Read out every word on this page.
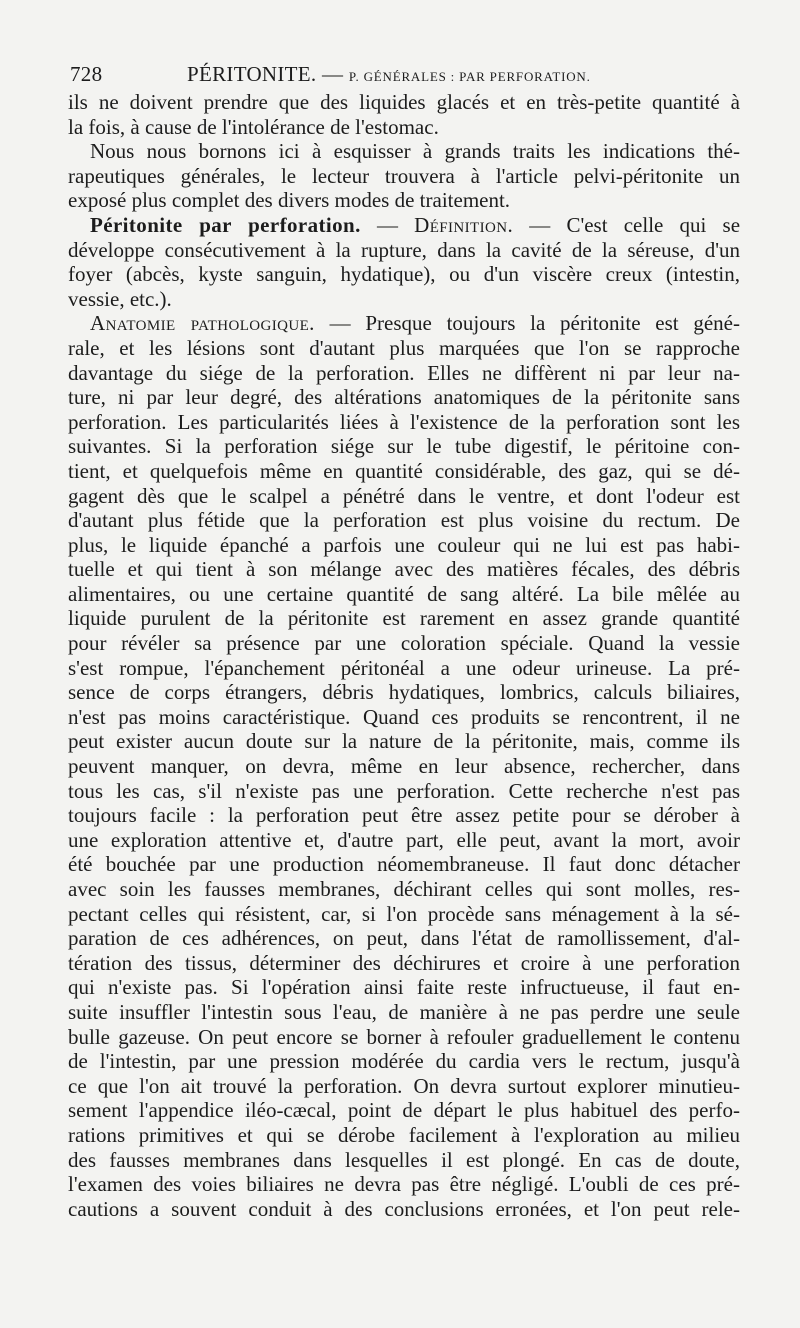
728	PÉRITONITE. — P. GÉNÉRALES : PAR PERFORATION.
ils ne doivent prendre que des liquides glacés et en très-petite quantité à
la fois, à cause de l'intolérance de l'estomac.
Nous nous bornons ici à esquisser à grands traits les indications thé-
rapeutiques générales, le lecteur trouvera à l'article pelvi-péritonite un
exposé plus complet des divers modes de traitement.
Péritonite par perforation. — Définition. — C'est celle qui se
développe consécutivement à la rupture, dans la cavité de la séreuse, d'un
foyer (abcès, kyste sanguin, hydatique), ou d'un viscère creux (intestin,
vessie, etc.).
Anatomie pathologique. — Presque toujours la péritonite est géné-
rale, et les lésions sont d'autant plus marquées que l'on se rapproche
davantage du siége de la perforation. Elles ne diffèrent ni par leur na-
ture, ni par leur degré, des altérations anatomiques de la péritonite sans
perforation. Les particularités liées à l'existence de la perforation sont les
suivantes. Si la perforation siége sur le tube digestif, le péritoine con-
tient, et quelquefois même en quantité considérable, des gaz, qui se dé-
gagent dès que le scalpel a pénétré dans le ventre, et dont l'odeur est
d'autant plus fétide que la perforation est plus voisine du rectum. De
plus, le liquide épanché a parfois une couleur qui ne lui est pas habi-
tuelle et qui tient à son mélange avec des matières fécales, des débris
alimentaires, ou une certaine quantité de sang altéré. La bile mêlée au
liquide purulent de la péritonite est rarement en assez grande quantité
pour révéler sa présence par une coloration spéciale. Quand la vessie
s'est rompue, l'épanchement péritonéal a une odeur urineuse. La pré-
sence de corps étrangers, débris hydatiques, lombrics, calculs biliaires,
n'est pas moins caractéristique. Quand ces produits se rencontrent, il ne
peut exister aucun doute sur la nature de la péritonite, mais, comme ils
peuvent manquer, on devra, même en leur absence, rechercher, dans
tous les cas, s'il n'existe pas une perforation. Cette recherche n'est pas
toujours facile : la perforation peut être assez petite pour se dérober à
une exploration attentive et, d'autre part, elle peut, avant la mort, avoir
été bouchée par une production néomembraneuse. Il faut donc détacher
avec soin les fausses membranes, déchirant celles qui sont molles, res-
pectant celles qui résistent, car, si l'on procède sans ménagement à la sé-
paration de ces adhérences, on peut, dans l'état de ramollissement, d'al-
tération des tissus, déterminer des déchirures et croire à une perforation
qui n'existe pas. Si l'opération ainsi faite reste infructueuse, il faut en-
suite insuffler l'intestin sous l'eau, de manière à ne pas perdre une seule
bulle gazeuse. On peut encore se borner à refouler graduellement le contenu
de l'intestin, par une pression modérée du cardia vers le rectum, jusqu'à
ce que l'on ait trouvé la perforation. On devra surtout explorer minutieu-
sement l'appendice iléo-cæcal, point de départ le plus habituel des perfo-
rations primitives et qui se dérobe facilement à l'exploration au milieu
des fausses membranes dans lesquelles il est plongé. En cas de doute,
l'examen des voies biliaires ne devra pas être négligé. L'oubli de ces pré-
cautions a souvent conduit à des conclusions erronées, et l'on peut rele-
